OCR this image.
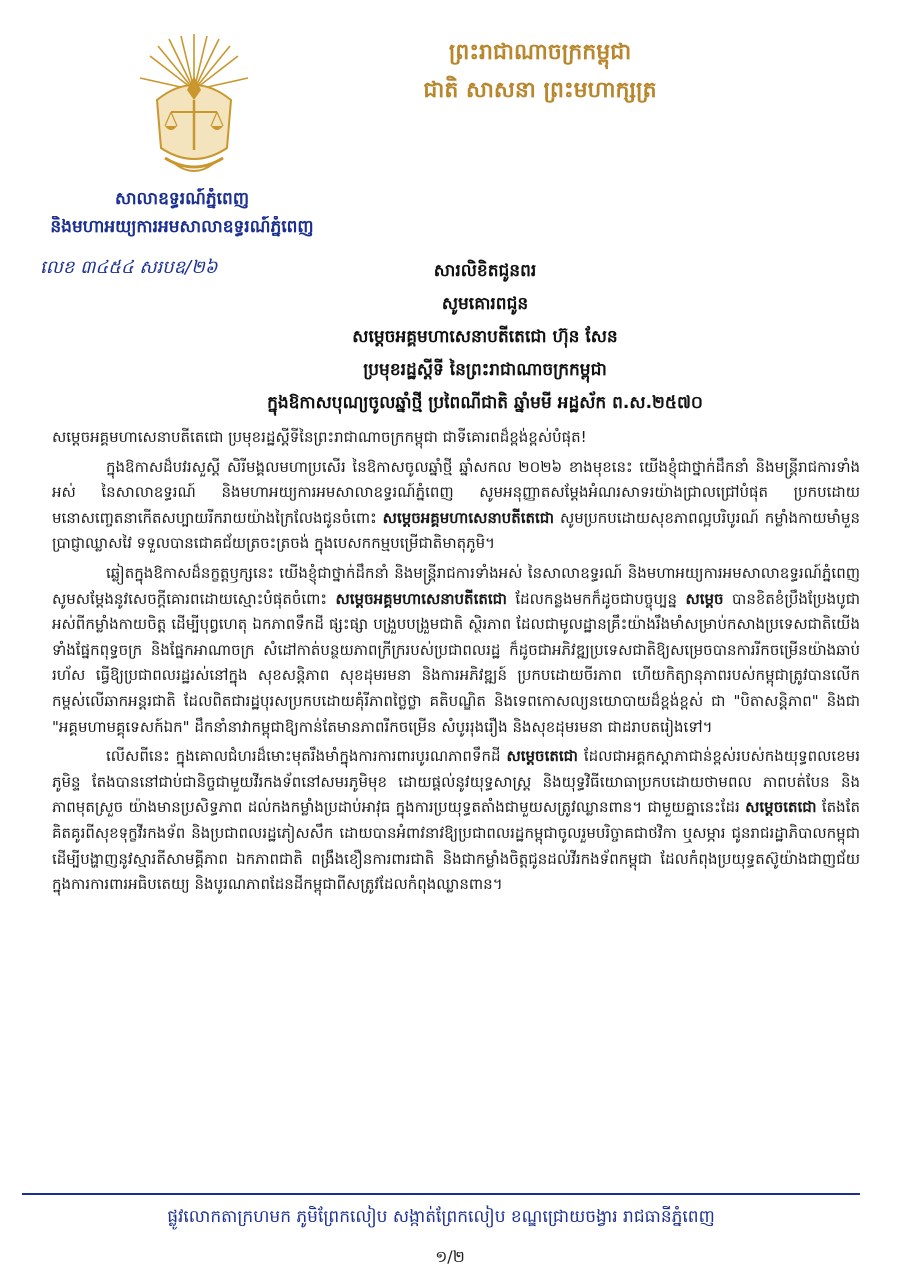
សាលាឧទ្ធរណ៍ភ្នំពេញ
និងមហាអយ្យការអមសាលាឧទ្ធរណ៍ភ្នំពេញ
លេខ ៣៤៥៤ សរបឧ/២៦
ព្រះរាជាណាចក្រកម្ពុជា
ជាតិ សាសនា ព្រះមហាក្សត្រ
សារលិខិតជូនពរ
សូមគោរពជូន
សម្ដេចអគ្គមហាសេនាបតីតេជោ ហ៊ុន សែន
ប្រមុខរដ្ឋស្តីទី នៃព្រះរាជាណាចក្រកម្ពុជា
ក្នុងឱកាសបុណ្យចូលឆ្នាំថ្មី ប្រពៃណីជាតិ ឆ្នាំមមី អដ្ឋស័ក ព.ស.២៥៧០

សម្ដេចអគ្គមហាសេនាបតីតេជោ ប្រមុខរដ្ឋស្តីទីនៃព្រះរាជាណាចក្រកម្ពុជា ជាទីគោរពដ៏ខ្ពង់ខ្ពស់បំផុត!

ក្នុងឱកាសដ៏បវរសួស្តី សិរីមង្គលមហាប្រសើរ នៃឱកាសចូលឆ្នាំថ្មី ឆ្នាំសកល ២០២៦ ខាងមុខនេះ យើងខ្ញុំជាថ្នាក់ដឹកនាំ និងមន្ត្រីរាជការទាំងអស់ នៃសាលាឧទ្ធរណ៍ និងមហាអយ្យការអមសាលាឧទ្ធរណ៍ភ្នំពេញ សូមអនុញ្ញាតសម្ដែងអំណរសាទរយ៉ាងជ្រាលជ្រៅបំផុត ប្រកបដោយមនោសញ្ចេតនាកើតសប្បាយរីករាយយ៉ាងក្រៃលែងជូនចំពោះ សម្ដេចអគ្គមហាសេនាបតីតេជោ សូមប្រកបដោយសុខភាពល្អបរិបូរណ៍ កម្លាំងកាយមាំមួន ប្រាជ្ញាឈ្លាសវៃ ទទួលបានជោគជ័យត្រចះត្រចង់ ក្នុងបេសកកម្មបម្រើជាតិមាតុភូមិ។

ឆ្លៀតក្នុងឱកាសដ៏នក្ខត្តឫក្សនេះ យើងខ្ញុំជាថ្នាក់ដឹកនាំ និងមន្ត្រីរាជការទាំងអស់ នៃសាលាឧទ្ធរណ៍ និងមហាអយ្យការអមសាលាឧទ្ធរណ៍ភ្នំពេញ សូមសម្ដែងនូវសេចក្ដីគោរពដោយស្មោះបំផុតចំពោះ សម្ដេចអគ្គមហាសេនាបតីតេជោ ដែលកន្លងមកក៏ដូចជាបច្ចុប្បន្ន សម្ដេច បានខិតខំប្រឹងប្រែងបូជាអស់ពីកម្លាំងកាយចិត្ត ដើម្បីបុព្វហេតុ ឯកភាពទឹកដី ផ្សះផ្សា បង្រួបបង្រួមជាតិ ស្ថិរភាព ដែលជាមូលដ្ឋានគ្រឹះយ៉ាងរឹងមាំសម្រាប់កសាងប្រទេសជាតិយើង ទាំងផ្នែកពុទ្ធចក្រ និងផ្នែកអាណាចក្រ សំដៅកាត់បន្ថយភាពក្រីក្ររបស់ប្រជាពលរដ្ឋ ក៏ដូចជាអភិវឌ្ឍប្រទេសជាតិឱ្យសម្រេចបានការរីកចម្រើនយ៉ាងឆាប់រហ័ស ធ្វើឱ្យប្រជាពលរដ្ឋរស់នៅក្នុង សុខសន្តិភាព សុខដុមរមនា និងការអភិវឌ្ឍន៍ ប្រកបដោយចីរភាព ហើយកិត្យានុភាពរបស់កម្ពុជាត្រូវបានលើកកម្ពស់លើឆាកអន្តរជាតិ ដែលពិតជារដ្ឋបុរសប្រកបដោយគុំរីភាពថ្លៃថ្លា គតិបណ្ឌិត និងទេពកោសល្យនយោបាយដ៏ខ្ពង់ខ្ពស់ ជា "បិតាសន្តិភាព" និងជា "អគ្គមហាមគ្គុទេសក៍ឯក" ដឹកនាំនាវាកម្ពុជាឱ្យកាន់តែមានភាពរីកចម្រើន សំបូររុងរឿង និងសុខដុមរមនា ជាដរាបតរៀងទៅ។

លើសពីនេះ ក្នុងគោលជំហរដ៏មោះមុតរឹងមាំក្នុងការការពារបូរណភាពទឹកដី សម្ដេចតេជោ ដែលជាអគ្គកស្ដាភាជាន់ខ្ពស់របស់កងយុទ្ធពលខេមរភូមិន្ទ តែងបាននៅជាប់ជានិច្ចជាមួយវីរកងទ័ពនៅសមរភូមិមុខ ដោយផ្ដល់នូវយុទ្ធសាស្ត្រ និងយុទ្ធវិធីយោធាប្រកបដោយថាមពល ភាពបត់បែន និងភាពមុតស្រួច យ៉ាងមានប្រសិទ្ធភាព ដល់កងកម្លាំងប្រដាប់អាវុធ ក្នុងការប្រយុទ្ធតតាំងជាមួយសត្រូវឈ្លានពាន។ ជាមួយគ្នានេះដែរ សម្ដេចតេជោ តែងតែគិតគូរពីសុខទុក្ខវីរកងទ័ព និងប្រជាពលរដ្ឋភៀសសឹក ដោយបានអំពាវនាវឱ្យប្រជាពលរដ្ឋកម្ពុជាចូលរួមបរិច្ចាគជាថវិកា ឬសម្ភារ ជូនរាជរដ្ឋាភិបាលកម្ពុជា ដើម្បីបង្ហាញនូវស្មារតីសាមគ្គីភាព ឯកភាពជាតិ ពង្រឹងខឿនការពារជាតិ និងជាកម្លាំងចិត្តជូនដល់វីរកងទ័ពកម្ពុជា ដែលកំពុងប្រយុទ្ធតស៊ូយ៉ាងជាញជ័យ ក្នុងការការពារអធិបតេយ្យ និងបូរណភាពដែនដីកម្ពុជាពីសត្រូវដែលកំពុងឈ្លានពាន។

ផ្លូវលោកតាក្រហមក ភូមិព្រែកលៀប សង្កាត់ព្រែកលៀប ខណ្ឌជ្រោយចង្វារ រាជធានីភ្នំពេញ
១/២
